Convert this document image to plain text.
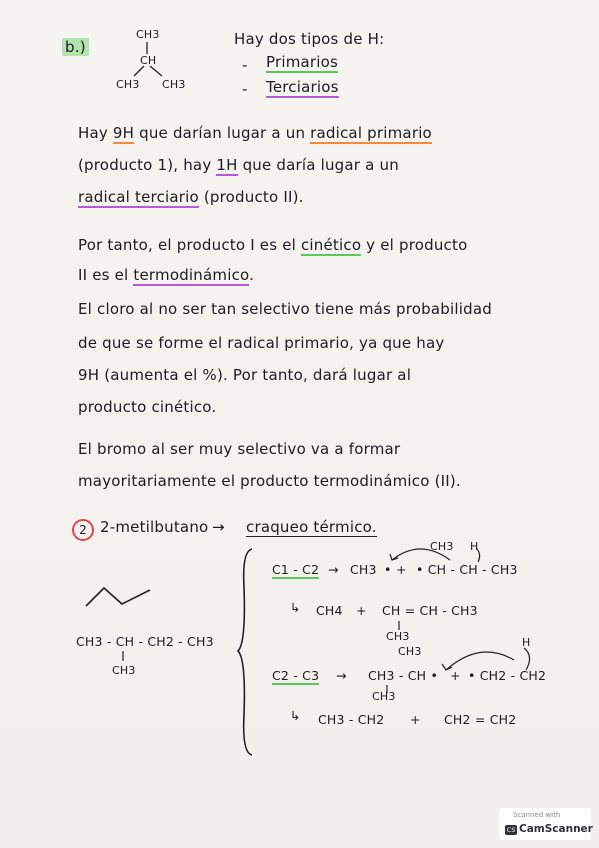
b.)
CH3
CH
CH3 CH3
Hay dos tipos de H:
- Primarios
- Terciarios
Hay 9H que darían lugar a un radical primario
(producto 1), hay 1H que daría lugar a un
radical terciario (producto II).
Por tanto, el producto I es el cinético y el producto
II es el termodinámico.
El cloro al no ser tan selectivo tiene más probabilidad
de que se forme el radical primario, ya que hay
9H (aumenta el %). Por tanto, dará lugar al
producto cinético.
El bromo al ser muy selectivo va a formar
mayoritariamente el producto termodinámico (II).
2 2-metilbutano → craqueo térmico.
CH3 - CH - CH2 - CH3
CH3
CH3 H
C1 - C2 → CH3 • + • CH - CH - CH3
↳ CH4 + CH = CH - CH3
CH3
CH3
H
C2 - C3 → CH3 - CH • + • CH2 - CH2
CH3
↳ CH3 - CH2 + CH2 = CH2
Scanned with
CS CamScanner
